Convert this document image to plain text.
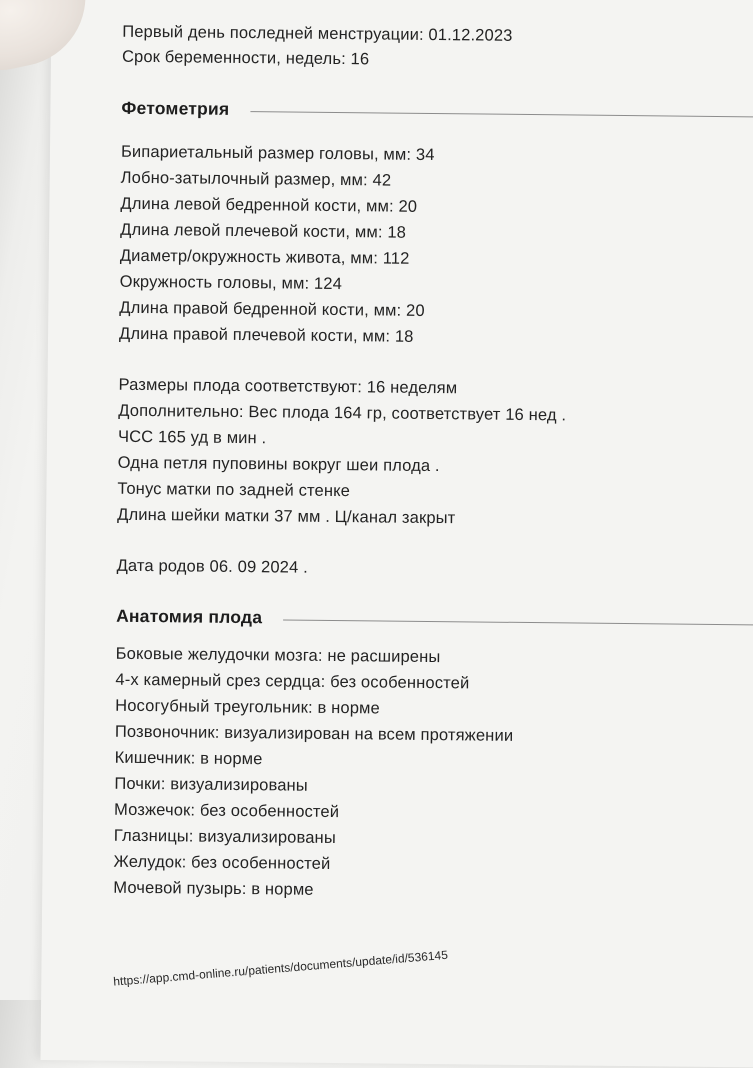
Первый день последней менструации: 01.12.2023
Срок беременности, недель: 16
Фетометрия
Бипариетальный размер головы, мм: 34
Лобно-затылочный размер, мм: 42
Длина левой бедренной кости, мм: 20
Длина левой плечевой кости, мм: 18
Диаметр/окружность живота, мм: 112
Окружность головы, мм: 124
Длина правой бедренной кости, мм: 20
Длина правой плечевой кости, мм: 18
Размеры плода соответствуют: 16 неделям
Дополнительно: Вес плода 164 гр, соответствует 16 нед .
ЧСС 165 уд в мин .
Одна петля пуповины вокруг шеи плода .
Тонус матки по задней стенке
Длина шейки матки 37 мм . Ц/канал закрыт
Дата родов 06. 09 2024 .
Анатомия плода
Боковые желудочки мозга: не расширены
4-х камерный срез сердца: без особенностей
Носогубный треугольник: в норме
Позвоночник: визуализирован на всем протяжении
Кишечник: в норме
Почки: визуализированы
Мозжечок: без особенностей
Глазницы: визуализированы
Желудок: без особенностей
Мочевой пузырь: в норме
https://app.cmd-online.ru/patients/documents/update/id/536145
